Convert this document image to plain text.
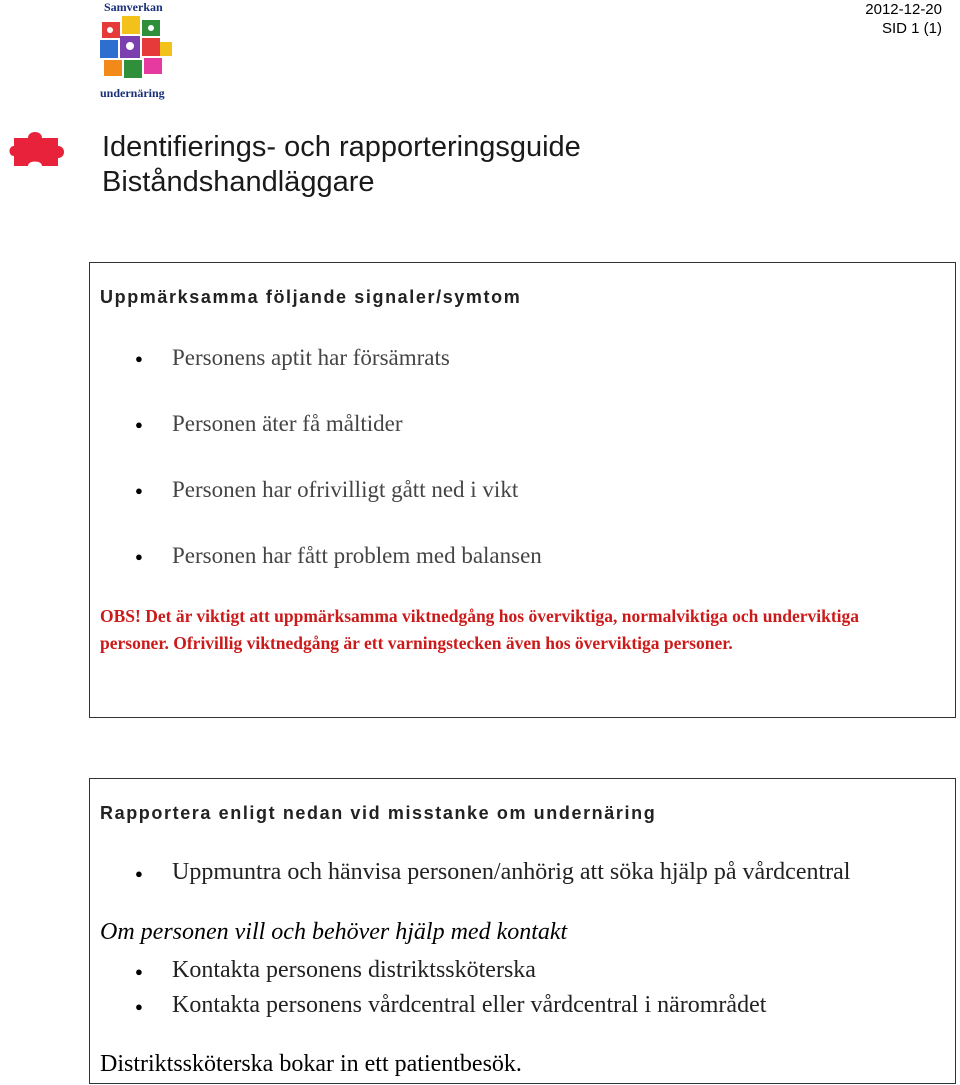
Samverkan
undernäring
2012-12-20
SID 1 (1)
Identifierings- och rapporteringsguide
Biståndshandläggare
Uppmärksamma följande signaler/symtom
● Personens aptit har försämrats
● Personen äter få måltider
● Personen har ofrivilligt gått ned i vikt
● Personen har fått problem med balansen
OBS! Det är viktigt att uppmärksamma viktnedgång hos överviktiga, normalviktiga och underviktiga personer. Ofrivillig viktnedgång är ett varningstecken även hos överviktiga personer.
Rapportera enligt nedan vid misstanke om undernäring
● Uppmuntra och hänvisa personen/anhörig att söka hjälp på vårdcentral
Om personen vill och behöver hjälp med kontakt
● Kontakta personens distriktssköterska
● Kontakta personens vårdcentral eller vårdcentral i närområdet
Distriktssköterska bokar in ett patientbesök.
